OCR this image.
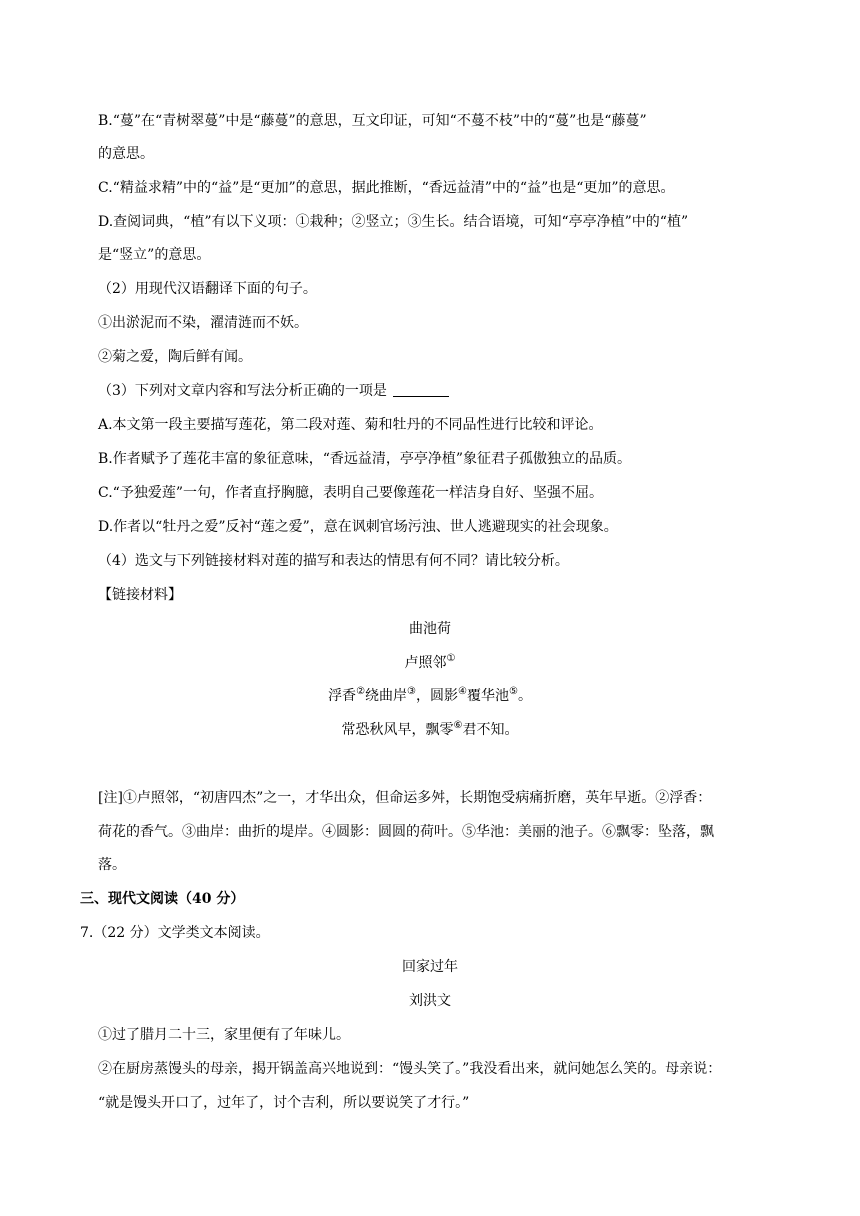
B.“蔓”在“青树翠蔓”中是“藤蔓”的意思，互文印证，可知“不蔓不枝”中的“蔓”也是“藤蔓”
的意思。
C.“精益求精”中的“益”是“更加”的意思，据此推断，“香远益清”中的“益”也是“更加”的意思。
D.查阅词典，“植”有以下义项：①栽种；②竖立；③生长。结合语境，可知“亭亭净植”中的“植”
是“竖立”的意思。
（2）用现代汉语翻译下面的句子。
①出淤泥而不染，濯清涟而不妖。
②菊之爱，陶后鲜有闻。
（3）下列对文章内容和写法分析正确的一项是
A.本文第一段主要描写莲花，第二段对莲、菊和牡丹的不同品性进行比较和评论。
B.作者赋予了莲花丰富的象征意味，“香远益清，亭亭净植”象征君子孤傲独立的品质。
C.“予独爱莲”一句，作者直抒胸臆，表明自己要像莲花一样洁身自好、坚强不屈。
D.作者以“牡丹之爱”反衬“莲之爱”，意在讽刺官场污浊、世人逃避现实的社会现象。
（4）选文与下列链接材料对莲的描写和表达的情思有何不同？请比较分析。
【链接材料】
曲池荷
卢照邻①
浮香②绕曲岸③，圆影④覆华池⑤。
常恐秋风早，飘零⑥君不知。
[注]①卢照邻，“初唐四杰”之一，才华出众，但命运多舛，长期饱受病痛折磨，英年早逝。②浮香：
荷花的香气。③曲岸：曲折的堤岸。④圆影：圆圆的荷叶。⑤华池：美丽的池子。⑥飘零：坠落，飘
落。
三、现代文阅读（40 分）
7.（22 分）文学类文本阅读。
回家过年
刘洪文
①过了腊月二十三，家里便有了年味儿。
②在厨房蒸馒头的母亲，揭开锅盖高兴地说到：“馒头笑了。”我没看出来，就问她怎么笑的。母亲说：
“就是馒头开口了，过年了，讨个吉利，所以要说笑了才行。”
